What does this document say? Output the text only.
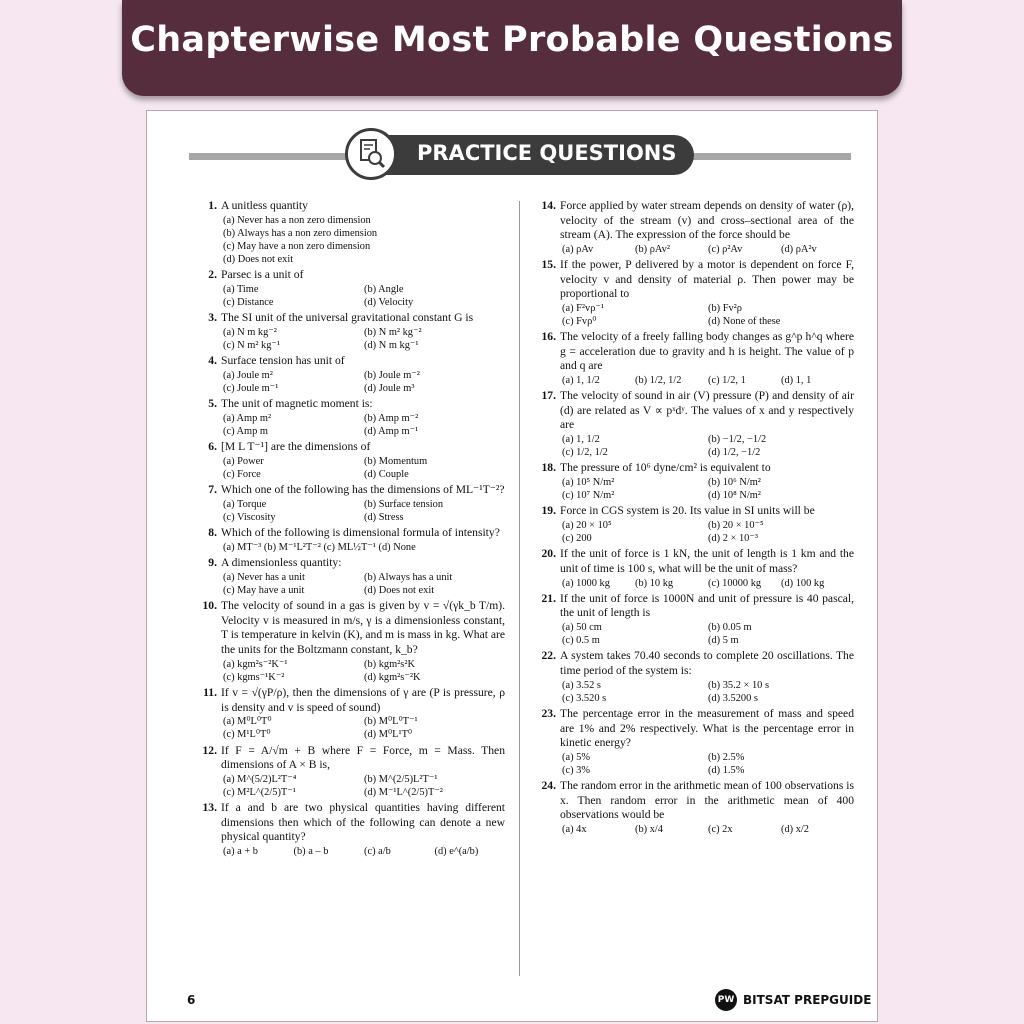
Chapterwise Most Probable Questions
PRACTICE QUESTIONS
1. A unitless quantity
(a) Never has a non zero dimension
(b) Always has a non zero dimension
(c) May have a non zero dimension
(d) Does not exit
2. Parsec is a unit of
(a) Time	(b) Angle
(c) Distance	(d) Velocity
3. The SI unit of the universal gravitational constant G is
(a) N m kg⁻²	(b) N m² kg⁻²
(c) N m² kg⁻¹	(d) N m kg⁻¹
4. Surface tension has unit of
(a) Joule m²	(b) Joule m⁻²
(c) Joule m⁻¹	(d) Joule m³
5. The unit of magnetic moment is:
(a) Amp m²	(b) Amp m⁻²
(c) Amp m	(d) Amp m⁻¹
6. [M L T⁻¹] are the dimensions of
(a) Power	(b) Momentum
(c) Force	(d) Couple
7. Which one of the following has the dimensions of ML⁻¹T⁻²?
(a) Torque	(b) Surface tension
(c) Viscosity	(d) Stress
8. Which of the following is dimensional formula of intensity?
(a) MT⁻³ (b) M⁻¹L²T⁻² (c) ML½T⁻¹ (d) None
9. A dimensionless quantity:
(a) Never has a unit	(b) Always has a unit
(c) May have a unit	(d) Does not exit
10. The velocity of sound in a gas is given by v = √(γk_b T/m). Velocity v is measured in m/s, γ is a dimensionless constant, T is temperature in kelvin (K), and m is mass in kg. What are the units for the Boltzmann constant, k_b?
(a) kgm²s⁻²K⁻¹	(b) kgm²s²K
(c) kgms⁻¹K⁻²	(d) kgm²s⁻²K
11. If v = √(γP/ρ), then the dimensions of γ are (P is pressure, ρ is density and v is speed of sound)
(a) M⁰L⁰T⁰	(b) M⁰L⁰T⁻¹
(c) M¹L⁰T⁰	(d) M⁰L¹T⁰
12. If F = A/√m + B where F = Force, m = Mass. Then dimensions of A × B is,
(a) M^(5/2)L²T⁻⁴	(b) M^(2/5)L²T⁻¹
(c) M²L^(2/5)T⁻¹	(d) M⁻¹L^(2/5)T⁻²
13. If a and b are two physical quantities having different dimensions then which of the following can denote a new physical quantity?
(a) a + b	(b) a – b	(c) a/b	(d) e^(a/b)
14. Force applied by water stream depends on density of water (ρ), velocity of the stream (v) and cross–sectional area of the stream (A). The expression of the force should be
(a) ρAv	(b) ρAv²	(c) ρ²Av	(d) ρA²v
15. If the power, P delivered by a motor is dependent on force F, velocity v and density of material ρ. Then power may be proportional to
(a) F²vρ⁻¹	(b) Fv²ρ
(c) Fvρ⁰	(d) None of these
16. The velocity of a freely falling body changes as g^p h^q where g = acceleration due to gravity and h is height. The value of p and q are
(a) 1, 1/2	(b) 1/2, 1/2	(c) 1/2, 1	(d) 1, 1
17. The velocity of sound in air (V) pressure (P) and density of air (d) are related as V ∝ pˣdʸ. The values of x and y respectively are
(a) 1, 1/2	(b) −1/2, −1/2
(c) 1/2, 1/2	(d) 1/2, −1/2
18. The pressure of 10⁶ dyne/cm² is equivalent to
(a) 10⁵ N/m²	(b) 10⁶ N/m²
(c) 10⁷ N/m²	(d) 10⁸ N/m²
19. Force in CGS system is 20. Its value in SI units will be
(a) 20 × 10⁵	(b) 20 × 10⁻⁵
(c) 200	(d) 2 × 10⁻³
20. If the unit of force is 1 kN, the unit of length is 1 km and the unit of time is 100 s, what will be the unit of mass?
(a) 1000 kg	(b) 10 kg	(c) 10000 kg	(d) 100 kg
21. If the unit of force is 1000N and unit of pressure is 40 pascal, the unit of length is
(a) 50 cm	(b) 0.05 m
(c) 0.5 m	(d) 5 m
22. A system takes 70.40 seconds to complete 20 oscillations. The time period of the system is:
(a) 3.52 s	(b) 35.2 × 10 s
(c) 3.520 s	(d) 3.5200 s
23. The percentage error in the measurement of mass and speed are 1% and 2% respectively. What is the percentage error in kinetic energy?
(a) 5%	(b) 2.5%
(c) 3%	(d) 1.5%
24. The random error in the arithmetic mean of 100 observations is x. Then random error in the arithmetic mean of 400 observations would be
(a) 4x	(b) x/4	(c) 2x	(d) x/2
6	PW BITSAT PREPGUIDE
